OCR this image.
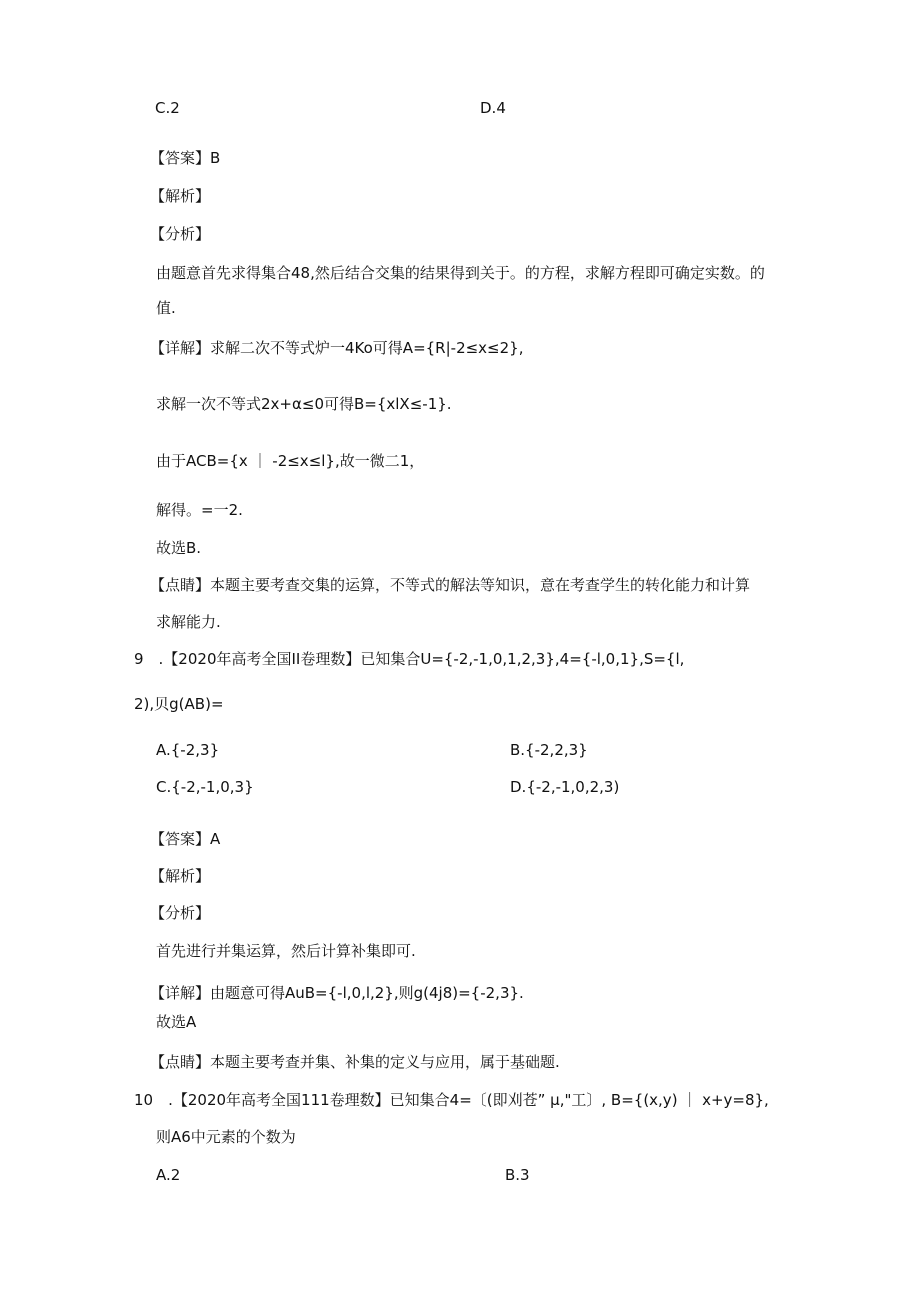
C.2	D.4
【答案】B
【解析】
【分析】
由题意首先求得集合48,然后结合交集的结果得到关于。的方程，求解方程即可确定实数。的
值.
【详解】求解二次不等式炉一4Ko可得A={R|-2≤x≤2},
求解一次不等式2x+α≤0可得B={xlX≤-1}.
由于ACB={x ｜ -2≤x≤l},故一微二1，
解得。=一2.
故选B.
【点睛】本题主要考查交集的运算，不等式的解法等知识，意在考查学生的转化能力和计算
求解能力.
9　.【2020年高考全国II卷理数】已知集合U={-2,-1,0,1,2,3},4={-l,0,1},S={l,
2),贝g(AB)=
A.{-2,3}	B.{-2,2,3}
C.{-2,-1,0,3}	D.{-2,-1,0,2,3)
【答案】A
【解析】
【分析】
首先进行并集运算，然后计算补集即可.
【详解】由题意可得AuB={-l,0,l,2},则g(4j8)={-2,3}.
故选A
【点睛】本题主要考查并集、补集的定义与应用，属于基础题.
10　.【2020年高考全国111卷理数】已知集合4=〔(即刈苍” μ,"工〕, B={(x,y) ｜ x+y=8},
则A6中元素的个数为
A.2	B.3
